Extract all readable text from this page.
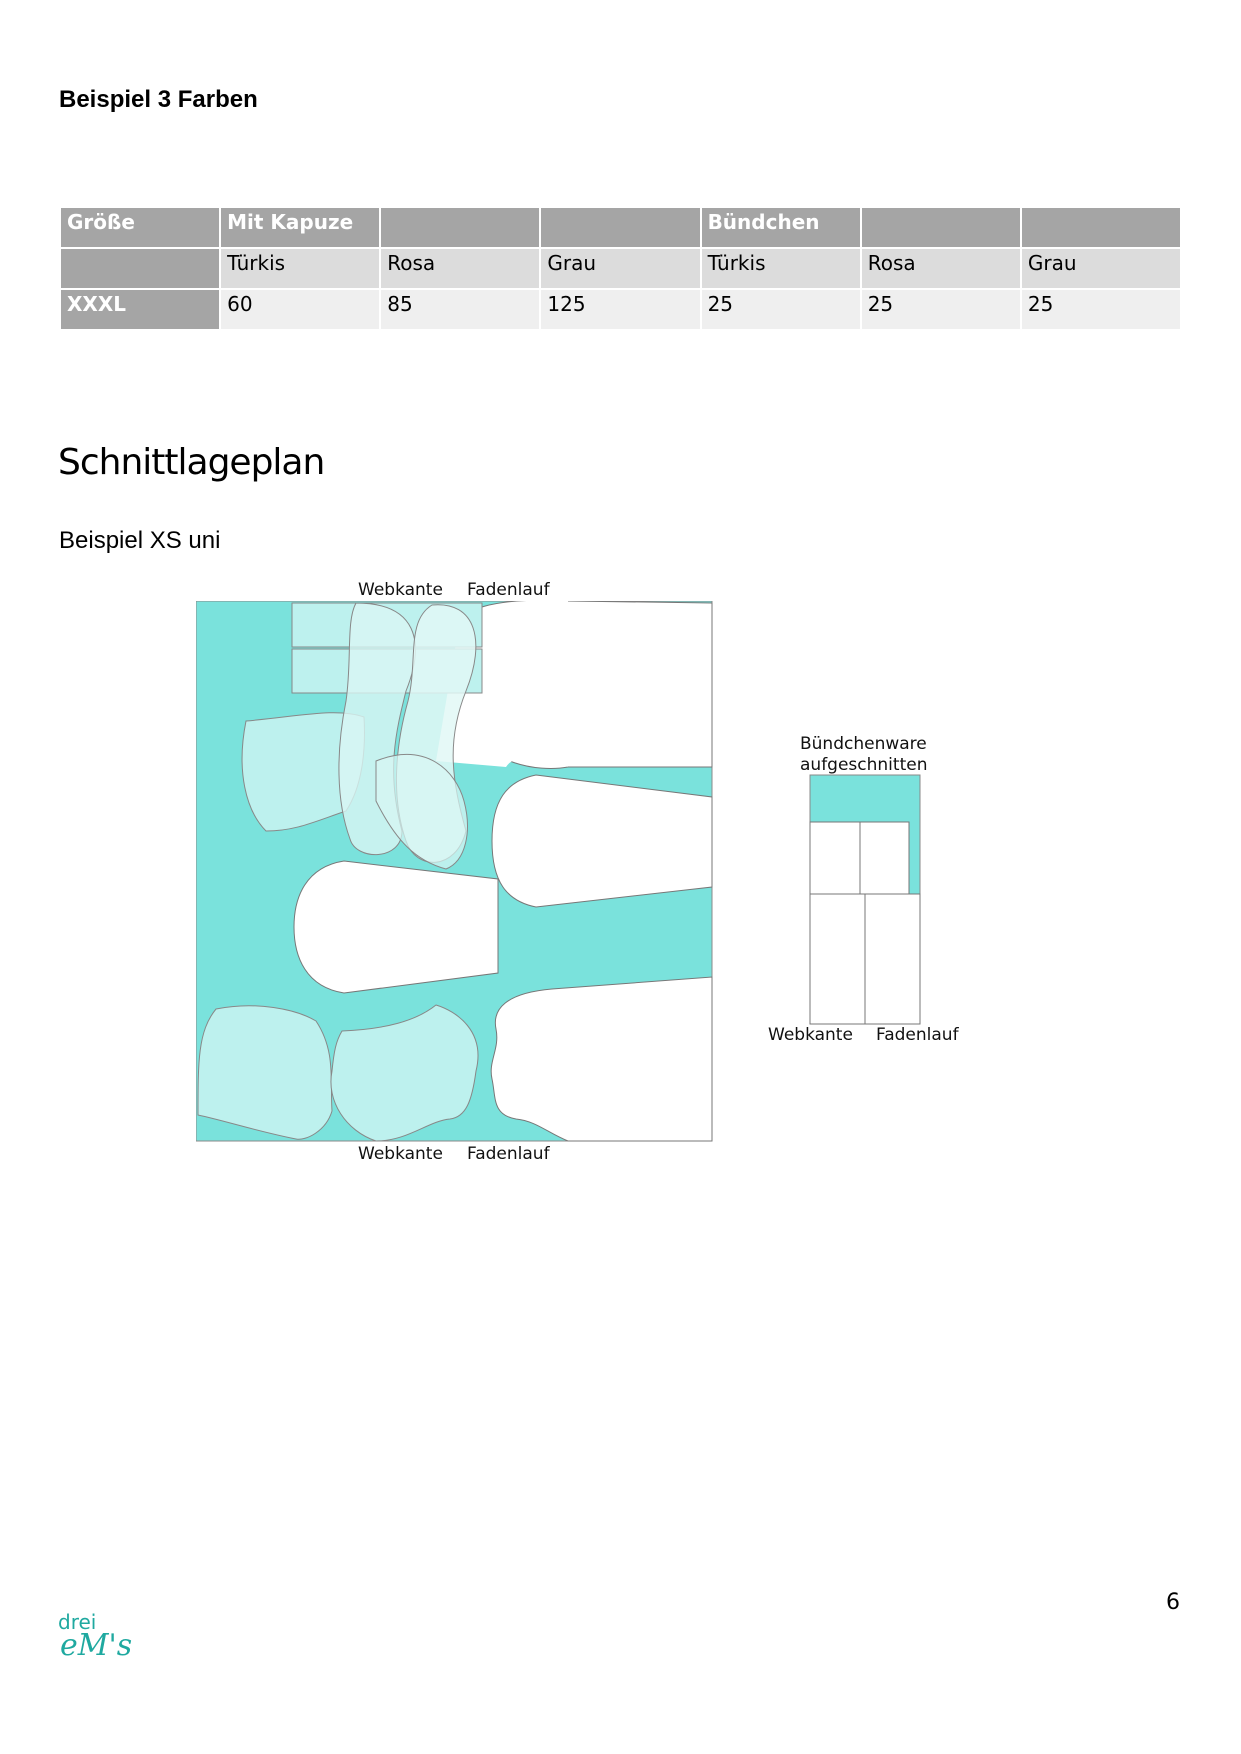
Beispiel 3 Farben
Größe	Mit Kapuze			Bündchen		
	Türkis	Rosa	Grau	Türkis	Rosa	Grau
XXXL	60	85	125	25	25	25
Schnittlageplan
Beispiel XS uni
Webkante Fadenlauf
Webkante Fadenlauf
Bündchenware
aufgeschnitten
Webkante Fadenlauf
6
drei
eM's
